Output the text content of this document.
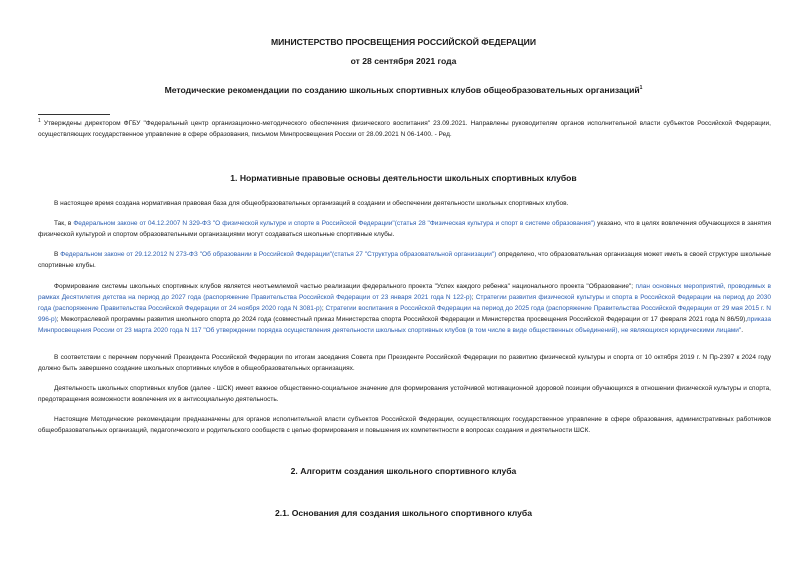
МИНИСТЕРСТВО ПРОСВЕЩЕНИЯ РОССИЙСКОЙ ФЕДЕРАЦИИ
от 28 сентября 2021 года
Методические рекомендации по созданию школьных спортивных клубов общеобразовательных организаций$^1$
$^1$ Утверждены директором ФГБУ "Федеральный центр организационно-методического обеспечения физического воспитания" 23.09.2021. Направлены руководителям органов исполнительной власти субъектов Российской Федерации, осуществляющих государственное управление в сфере образования, письмом Минпросвещения России от 28.09.2021 N 06-1400. - Ред.
1. Нормативные правовые основы деятельности школьных спортивных клубов
В настоящее время создана нормативная правовая база для общеобразовательных организаций в создании и обеспечении деятельности школьных спортивных клубов.
Так, в Федеральном законе от 04.12.2007 N 329-ФЗ "О физической культуре и спорте в Российской Федерации"(статья 28 "Физическая культура и спорт в системе образования") указано, что в целях вовлечения обучающихся в занятия физической культурой и спортом образовательными организациями могут создаваться школьные спортивные клубы.
В Федеральном законе от 29.12.2012 N 273-ФЗ "Об образовании в Российской Федерации"(статья 27 "Структура образовательной организации") определено, что образовательная организация может иметь в своей структуре школьные спортивные клубы.
Формирование системы школьных спортивных клубов является неотъемлемой частью реализации федерального проекта "Успех каждого ребенка" национального проекта "Образование"; план основных мероприятий, проводимых в рамках Десятилетия детства на период до 2027 года (распоряжение Правительства Российской Федерации от 23 января 2021 года N 122-р); Стратегии развития физической культуры и спорта в Российской Федерации на период до 2030 года (распоряжение Правительства Российской Федерации от 24 ноября 2020 года N 3081-р); Стратегии воспитания в Российской Федерации на период до 2025 года (распоряжение Правительства Российской Федерации от 29 мая 2015 г. N 996-р); Межотраслевой программы развития школьного спорта до 2024 года (совместный приказ Министерства спорта Российской Федерации и Министерства просвещения Российской Федерации от 17 февраля 2021 года N 86/59),приказа Минпросвещения России от 23 марта 2020 года N 117 "Об утверждении порядка осуществления деятельности школьных спортивных клубов (в том числе в виде общественных объединений), не являющихся юридическими лицами".
В соответствии с перечнем поручений Президента Российской Федерации по итогам заседания Совета при Президенте Российской Федерации по развитию физической культуры и спорта от 10 октября 2019 г. N Пр-2397 к 2024 году должно быть завершено создание школьных спортивных клубов в общеобразовательных организациях.
Деятельность школьных спортивных клубов (далее - ШСК) имеет важное общественно-социальное значение для формирования устойчивой мотивационной здоровой позиции обучающихся в отношении физической культуры и спорта, предотвращения возможности вовлечения их в антисоциальную деятельность.
Настоящие Методические рекомендации предназначены для органов исполнительной власти субъектов Российской Федерации, осуществляющих государственное управление в сфере образования, административных работников общеобразовательных организаций, педагогического и родительского сообществ с целью формирования и повышения их компетентности в вопросах создания и деятельности ШСК.
2. Алгоритм создания школьного спортивного клуба
2.1. Основания для создания школьного спортивного клуба
